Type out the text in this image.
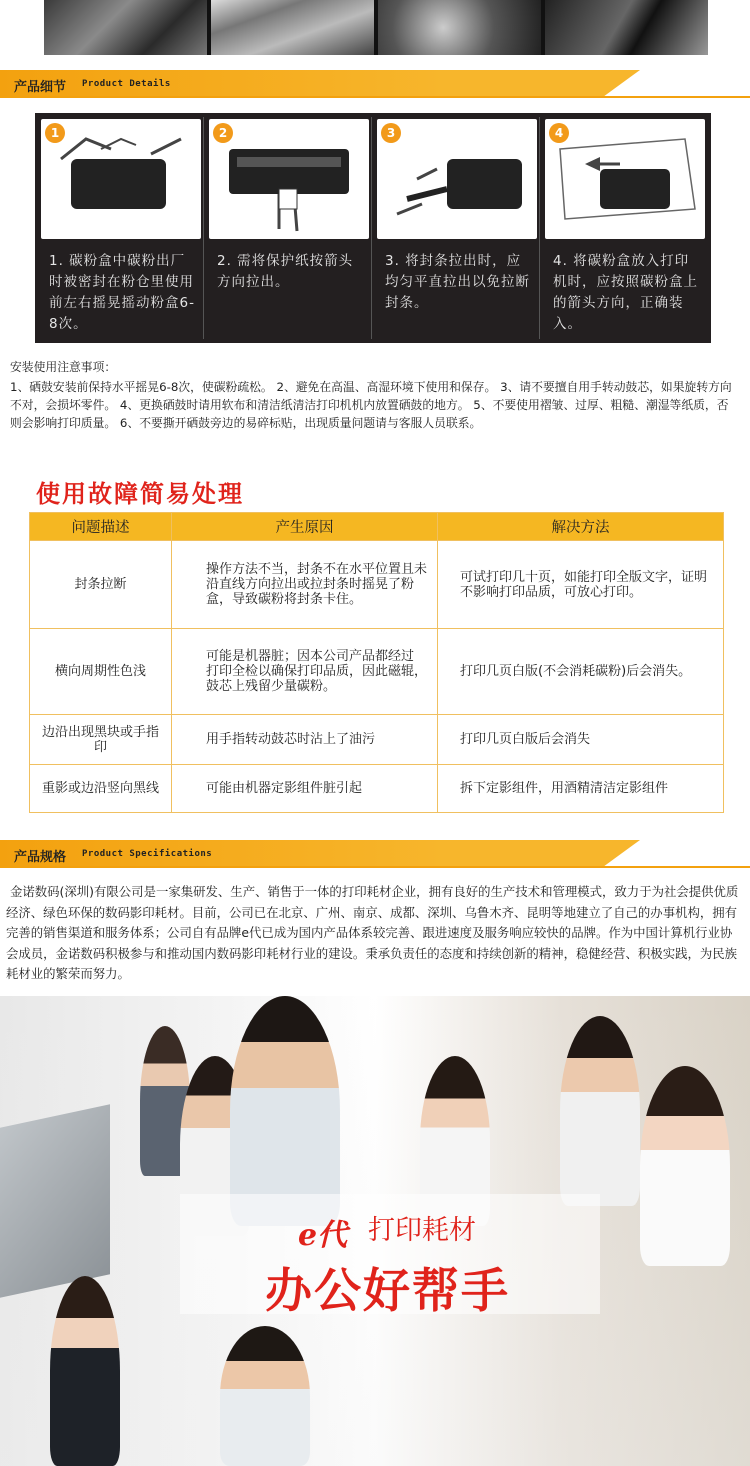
产品细节 Product Details
1
1. 碳粉盒中碳粉出厂时被密封在粉仓里使用前左右摇晃摇动粉盒6-8次。
2
2. 需将保护纸按箭头方向拉出。
3
3. 将封条拉出时，应均匀平直拉出以免拉断封条。
4
4. 将碳粉盒放入打印机时，应按照碳粉盒上的箭头方向，正确装入。
安装使用注意事项：
1、硒鼓安装前保持水平摇晃6-8次，使碳粉疏松。 2、避免在高温、高湿环境下使用和保存。 3、请不要擅自用手转动鼓芯，如果旋转方向不对，会损坏零件。 4、更换硒鼓时请用软布和清洁纸清洁打印机机内放置硒鼓的地方。 5、不要使用褶皱、过厚、粗糙、潮湿等纸质，否则会影响打印质量。 6、不要撕开硒鼓旁边的易碎标贴，出现质量问题请与客服人员联系。
使用故障简易处理
问题描述	产生原因	解决方法
封条拉断	操作方法不当，封条不在水平位置且未沿直线方向拉出或拉封条时摇晃了粉盒，导致碳粉将封条卡住。	可试打印几十页，如能打印全版文字，证明不影响打印品质，可放心打印。
横向周期性色浅	可能是机器脏；因本公司产品都经过 打印全检以确保打印品质，因此磁辊，鼓芯上残留少量碳粉。	打印几页白版(不会消耗碳粉)后会消失。
边沿出现黑块或手指印	用手指转动鼓芯时沾上了油污	打印几页白版后会消失
重影或边沿竖向黑线	可能由机器定影组件脏引起	拆下定影组件，用酒精清洁定影组件
产品规格 Product Specifications
金诺数码(深圳)有限公司是一家集研发、生产、销售于一体的打印耗材企业，拥有良好的生产技术和管理模式，致力于为社会提供优质经济、绿色环保的数码影印耗材。目前，公司已在北京、广州、南京、成都、深圳、乌鲁木齐、昆明等地建立了自己的办事机构，拥有完善的销售渠道和服务体系；公司自有品牌e代已成为国内产品体系较完善、跟进速度及服务响应较快的品牌。作为中国计算机行业协会成员，金诺数码积极参与和推动国内数码影印耗材行业的建设。秉承负责任的态度和持续创新的精神，稳健经营、积极实践，为民族耗材业的繁荣而努力。
e代 打印耗材
办公好帮手
